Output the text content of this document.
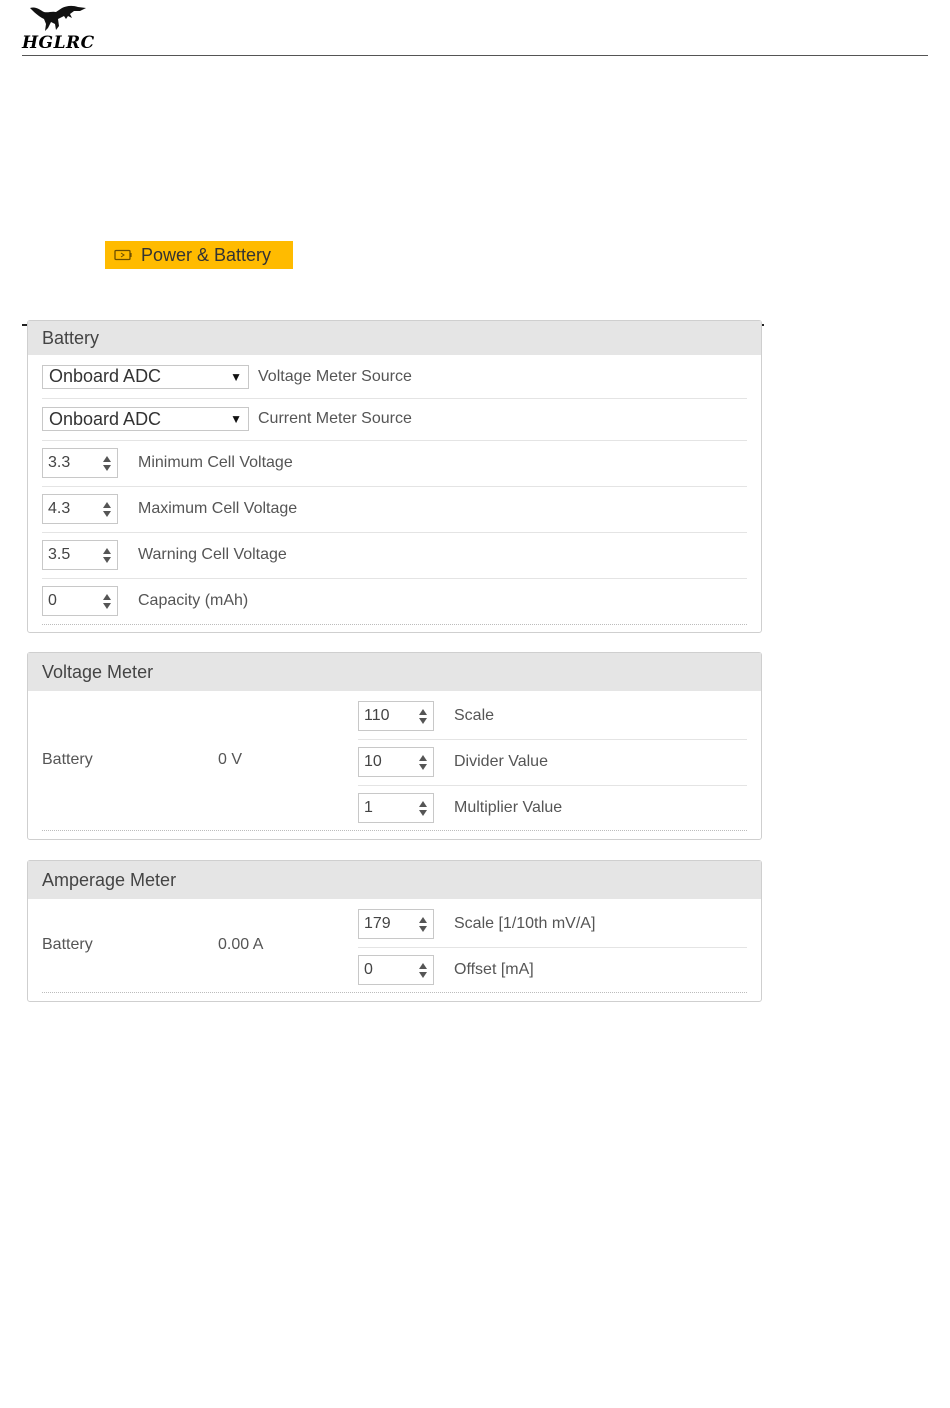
HGLRC
Power & Battery
Battery
Onboard ADC	▼ Voltage Meter Source
Onboard ADC	▼ Current Meter Source
3.3	Minimum Cell Voltage
4.3	Maximum Cell Voltage
3.5	Warning Cell Voltage
0	Capacity (mAh)
Voltage Meter
Battery	0 V
110	Scale
10	Divider Value
1	Multiplier Value
Amperage Meter
Battery	0.00 A
179	Scale [1/10th mV/A]
0	Offset [mA]
